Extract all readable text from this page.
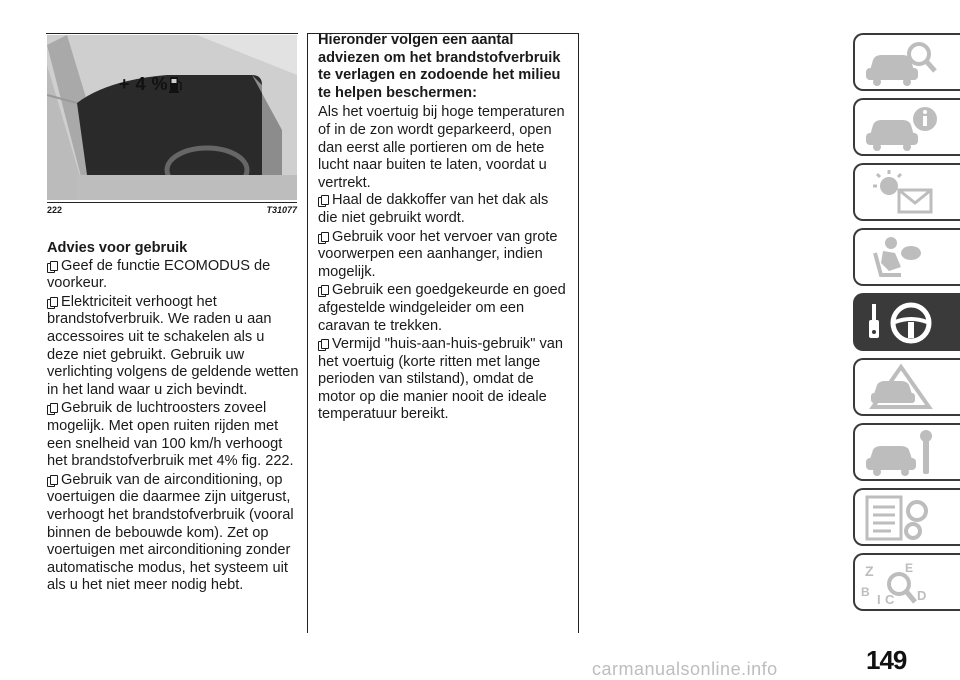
+ 4 %
222	T31077
Advies voor gebruik

Geef de functie ECOMODUS de voorkeur.

Elektriciteit verhoogt het brandstofverbruik. We raden u aan accessoires uit te schakelen als u deze niet gebruikt. Gebruik uw verlichting volgens de geldende wetten in het land waar u zich bevindt.

Gebruik de luchtroosters zoveel mogelijk. Met open ruiten rijden met een snelheid van 100 km/h verhoogt het brandstofverbruik met 4% fig. 222.

Gebruik van de airconditioning, op voertuigen die daarmee zijn uitgerust, verhoogt het brandstofverbruik (vooral binnen de bebouwde kom). Zet op voertuigen met airconditioning zonder automatische modus, het systeem uit als u het niet meer nodig hebt.

Hieronder volgen een aantal adviezen om het brandstofverbruik te verlagen en zodoende het milieu te helpen beschermen:

Als het voertuig bij hoge temperaturen of in de zon wordt geparkeerd, open dan eerst alle portieren om de hete lucht naar buiten te laten, voordat u vertrekt.

Haal de dakkoffer van het dak als die niet gebruikt wordt.

Gebruik voor het vervoer van grote voorwerpen een aanhanger, indien mogelijk.

Gebruik een goedgekeurde en goed afgestelde windgeleider om een caravan te trekken.

Vermijd "huis-aan-huis-gebruik" van het voertuig (korte ritten met lange perioden van stilstand), omdat de motor op die manier nooit de ideale temperatuur bereikt.

Z	E
B I C D
149
carmanualsonline.info
